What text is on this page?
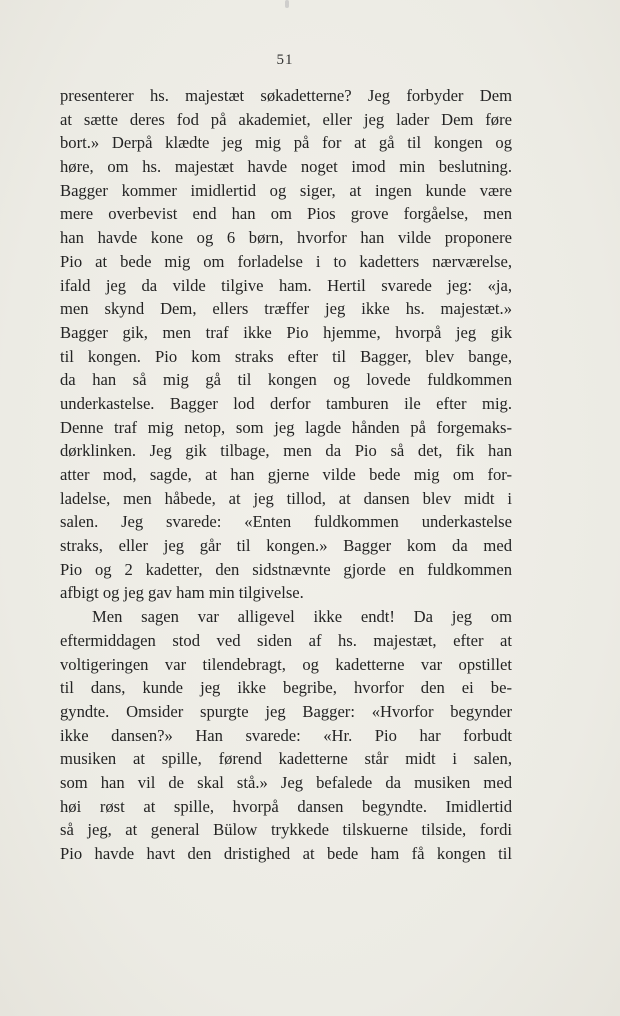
51
presenterer hs. majestæt søkadetterne? Jeg forbyder Dem
at sætte deres fod på akademiet, eller jeg lader Dem føre
bort.» Derpå klædte jeg mig på for at gå til kongen og
høre, om hs. majestæt havde noget imod min beslutning.
Bagger kommer imidlertid og siger, at ingen kunde være
mere overbevist end han om Pios grove forgåelse, men
han havde kone og 6 børn, hvorfor han vilde proponere
Pio at bede mig om forladelse i to kadetters nærværelse,
ifald jeg da vilde tilgive ham. Hertil svarede jeg: «ja,
men skynd Dem, ellers træffer jeg ikke hs. majestæt.»
Bagger gik, men traf ikke Pio hjemme, hvorpå jeg gik
til kongen. Pio kom straks efter til Bagger, blev bange,
da han så mig gå til kongen og lovede fuldkommen
underkastelse. Bagger lod derfor tamburen ile efter mig.
Denne traf mig netop, som jeg lagde hånden på forgemaks-
dørklinken. Jeg gik tilbage, men da Pio så det, fik han
atter mod, sagde, at han gjerne vilde bede mig om for-
ladelse, men håbede, at jeg tillod, at dansen blev midt i
salen. Jeg svarede: «Enten fuldkommen underkastelse
straks, eller jeg går til kongen.» Bagger kom da med
Pio og 2 kadetter, den sidstnævnte gjorde en fuldkommen
afbigt og jeg gav ham min tilgivelse.
Men sagen var alligevel ikke endt! Da jeg om
eftermiddagen stod ved siden af hs. majestæt, efter at
voltigeringen var tilendebragt, og kadetterne var opstillet
til dans, kunde jeg ikke begribe, hvorfor den ei be-
gyndte. Omsider spurgte jeg Bagger: «Hvorfor begynder
ikke dansen?» Han svarede: «Hr. Pio har forbudt
musiken at spille, førend kadetterne står midt i salen,
som han vil de skal stå.» Jeg befalede da musiken med
høi røst at spille, hvorpå dansen begyndte. Imidlertid
så jeg, at general Bülow trykkede tilskuerne tilside, fordi
Pio havde havt den dristighed at bede ham få kongen til
